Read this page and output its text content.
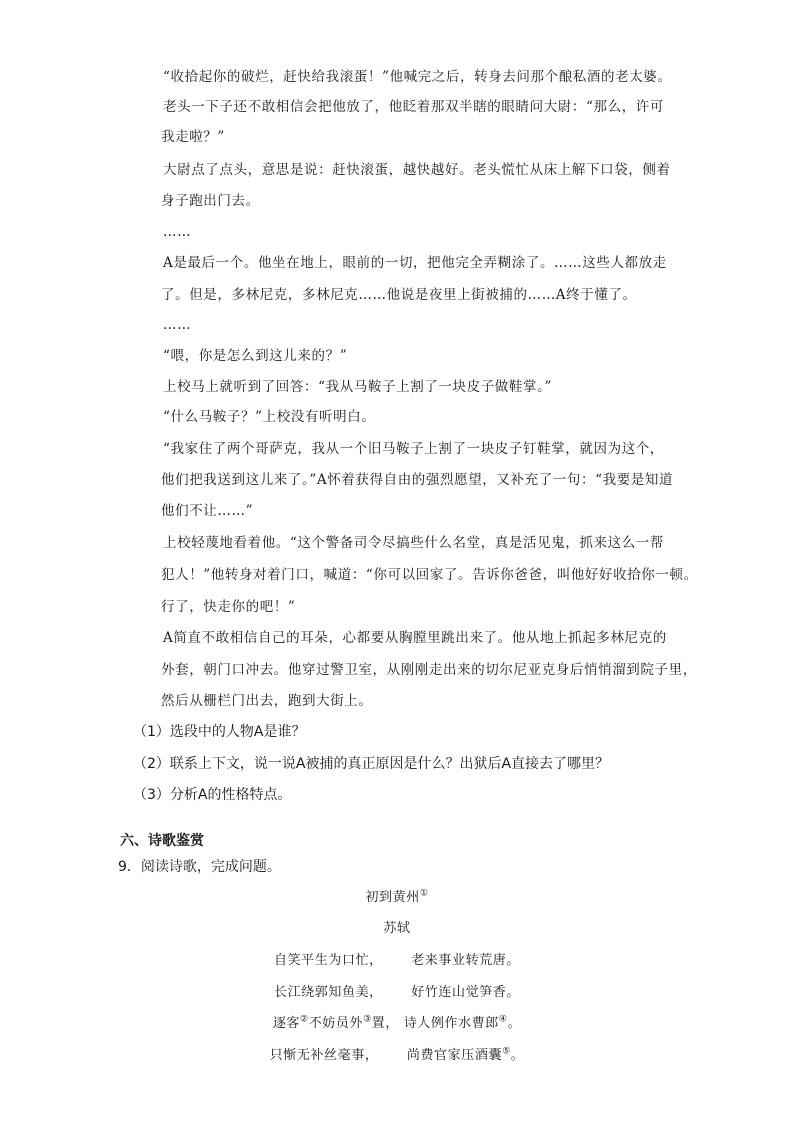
“收拾起你的破烂，赶快给我滚蛋！”他喊完之后，转身去问那个酿私酒的老太婆。
老头一下子还不敢相信会把他放了，他眨着那双半瞎的眼睛问大尉：“那么，许可
我走啦？”
大尉点了点头，意思是说：赶快滚蛋，越快越好。老头慌忙从床上解下口袋，侧着
身子跑出门去。
……
A是最后一个。他坐在地上，眼前的一切，把他完全弄糊涂了。……这些人都放走
了。但是，多林尼克，多林尼克……他说是夜里上街被捕的……A终于懂了。
……
“喂，你是怎么到这儿来的？”
上校马上就听到了回答：“我从马鞍子上割了一块皮子做鞋掌。”
“什么马鞍子？”上校没有听明白。
“我家住了两个哥萨克，我从一个旧马鞍子上割了一块皮子钉鞋掌，就因为这个，
他们把我送到这儿来了。”A怀着获得自由的强烈愿望，又补充了一句：“我要是知道
他们不让……”
上校轻蔑地看着他。“这个警备司令尽搞些什么名堂，真是活见鬼，抓来这么一帮
犯人！”他转身对着门口，喊道：“你可以回家了。告诉你爸爸，叫他好好收拾你一顿。
行了，快走你的吧！”
A简直不敢相信自己的耳朵，心都要从胸膛里跳出来了。他从地上抓起多林尼克的
外套，朝门口冲去。他穿过警卫室，从刚刚走出来的切尔尼亚克身后悄悄溜到院子里，
然后从栅栏门出去，跑到大街上。
（1）选段中的人物A是谁？
（2）联系上下文，说一说A被捕的真正原因是什么？出狱后A直接去了哪里？
（3）分析A的性格特点。
六、诗歌鉴赏
9．阅读诗歌，完成问题。
初到黄州①
苏轼
自笑平生为口忙， 老来事业转荒唐。
长江绕郭知鱼美， 好竹连山觉笋香。
逐客②不妨员外③置， 诗人例作水曹郎④。
只惭无补丝毫事， 尚费官家压酒囊⑤。
